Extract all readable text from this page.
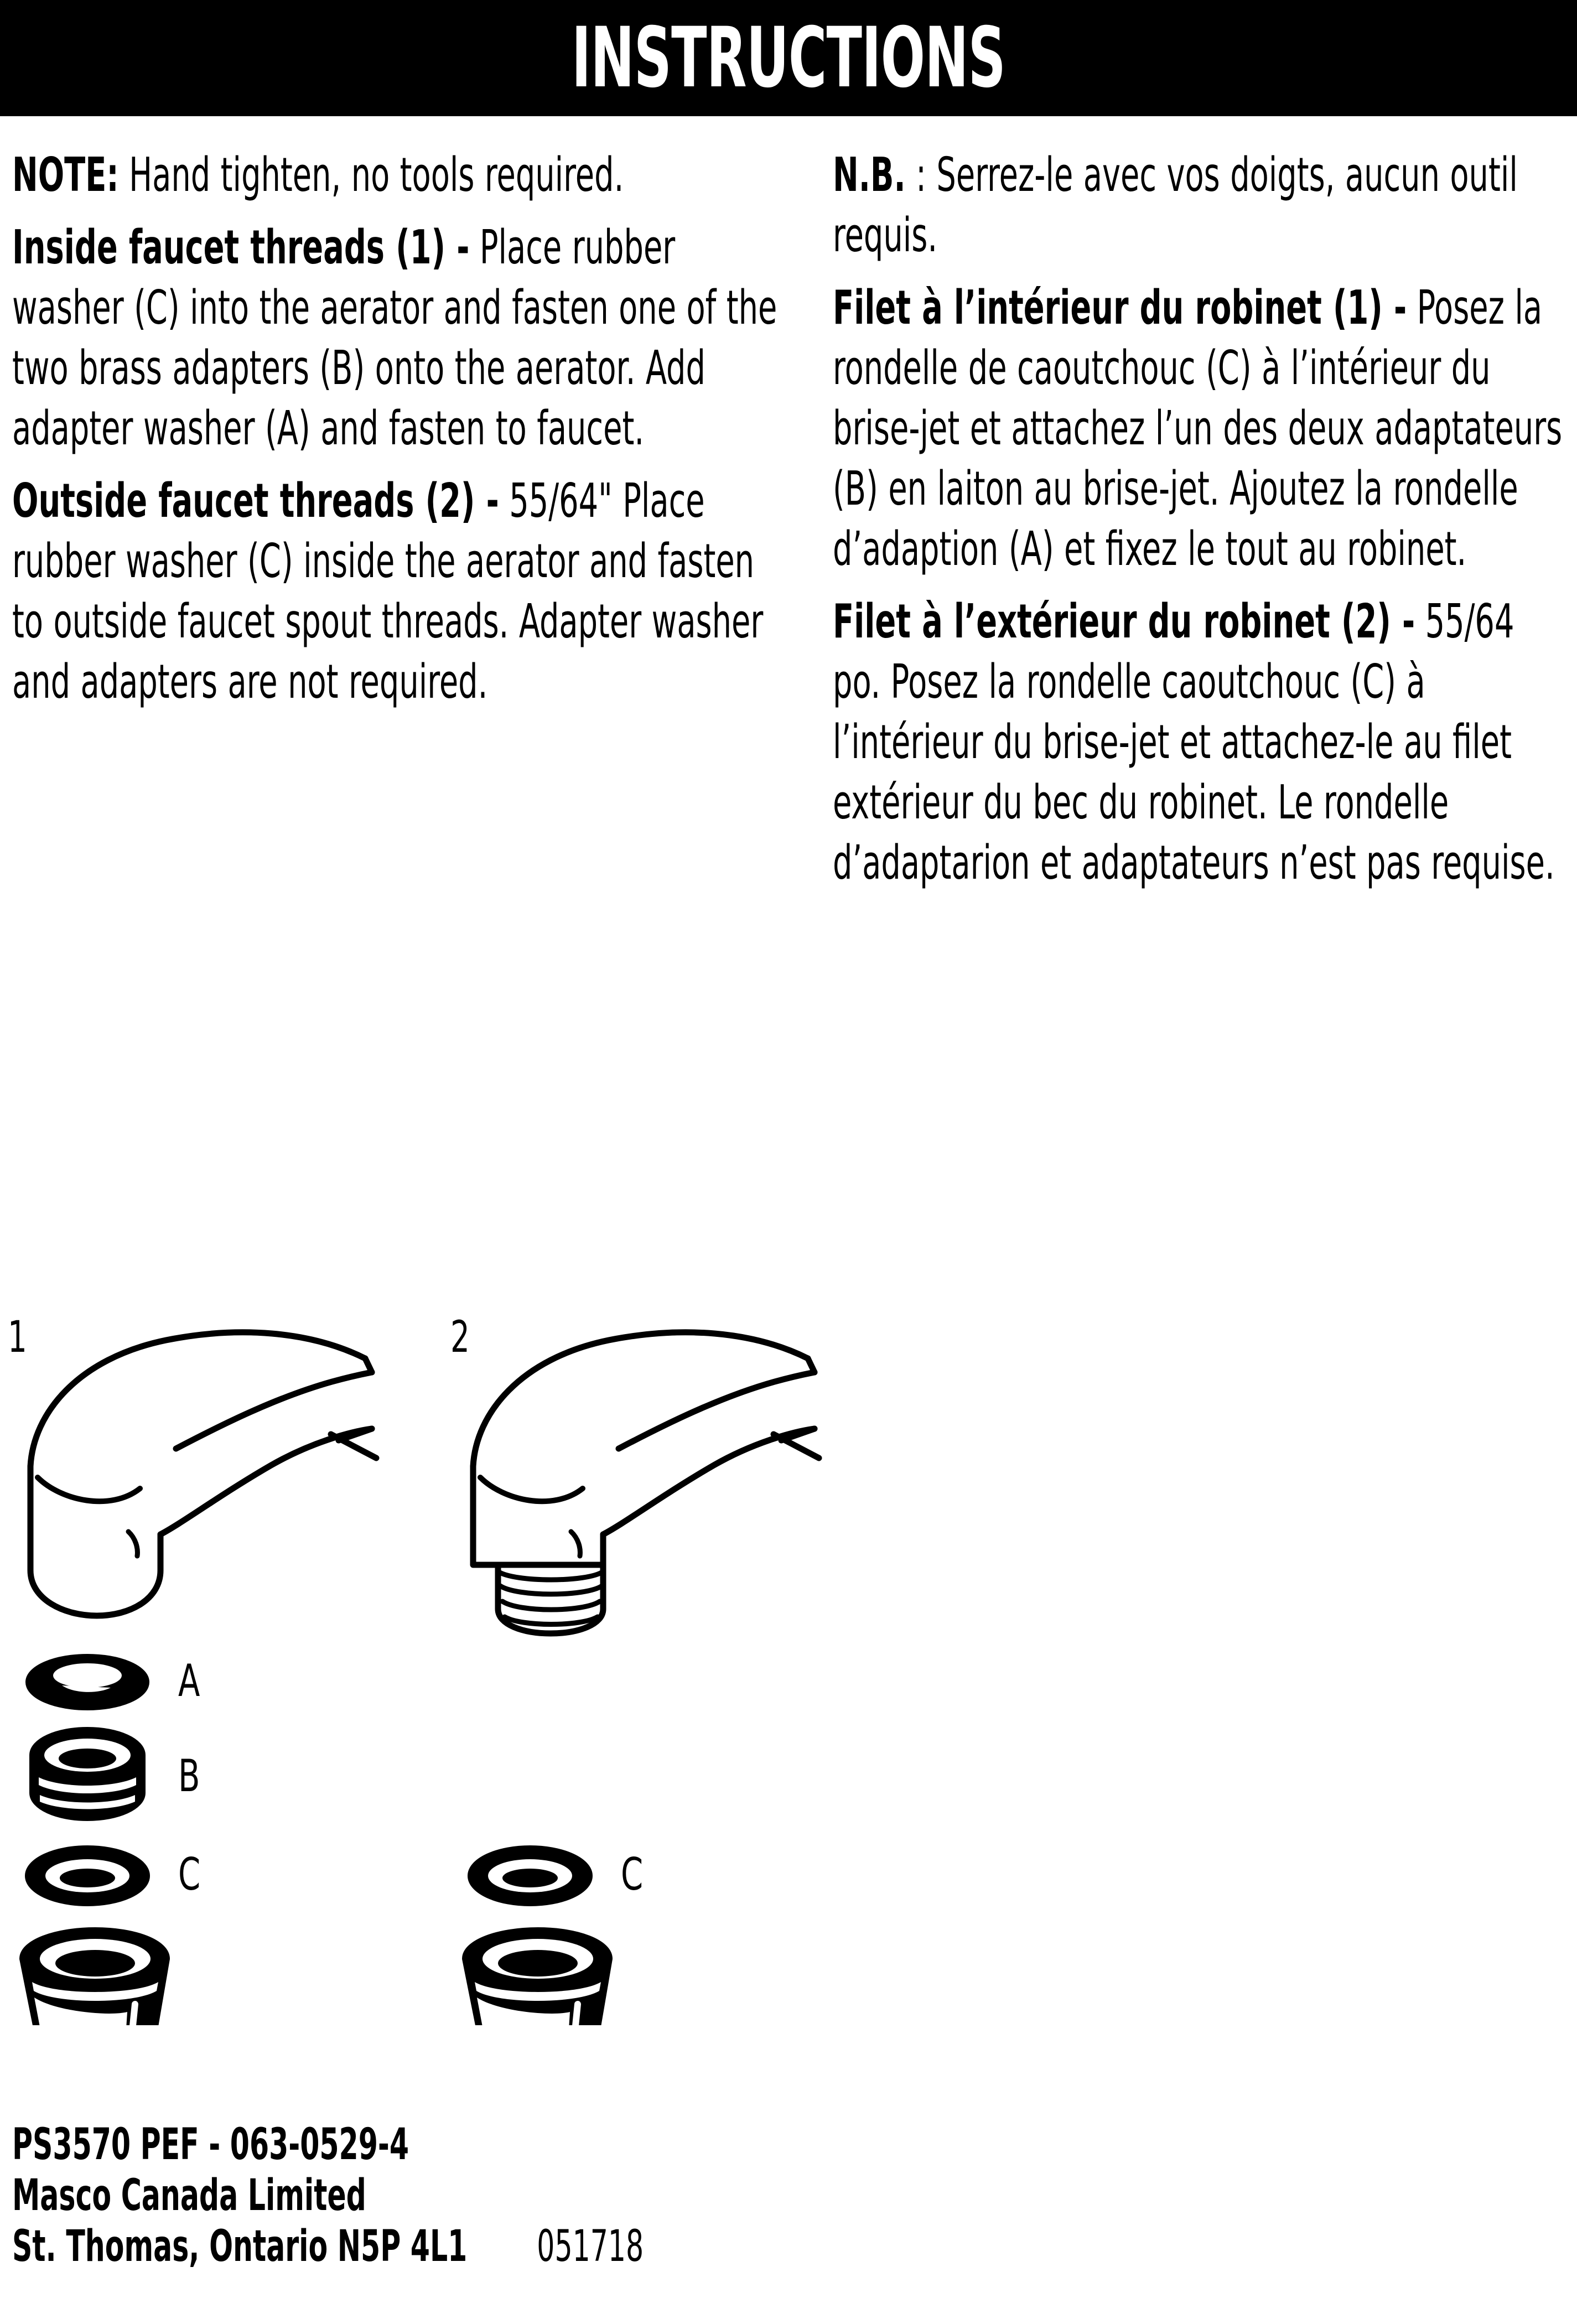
INSTRUCTIONS

NOTE: Hand tighten, no tools required.

Inside faucet threads (1) - Place rubber washer (C) into the aerator and fasten one of the two brass adapters (B) onto the aerator. Add adapter washer (A) and fasten to faucet.

Outside faucet threads (2) - 55/64" Place rubber washer (C) inside the aerator and fasten to outside faucet spout threads. Adapter washer and adapters are not required.

N.B. : Serrez-le avec vos doigts, aucun outil requis.

Filet à l’intérieur du robinet (1) - Posez la rondelle de caoutchouc (C) à l’intérieur du brise-jet et attachez l’un des deux adaptateurs (B) en laiton au brise-jet. Ajoutez la rondelle d’adaption (A) et fixez le tout au robinet.

Filet à l’extérieur du robinet (2) - 55/64 po. Posez la rondelle caoutchouc (C) à l’intérieur du brise-jet et attachez-le au filet extérieur du bec du robinet. Le rondelle d’adaptarion et adaptateurs n’est pas requise.

1	2
A
B
C	C
PS3570 PEF - 063-0529-4
Masco Canada Limited
St. Thomas, Ontario N5P 4L1 051718
